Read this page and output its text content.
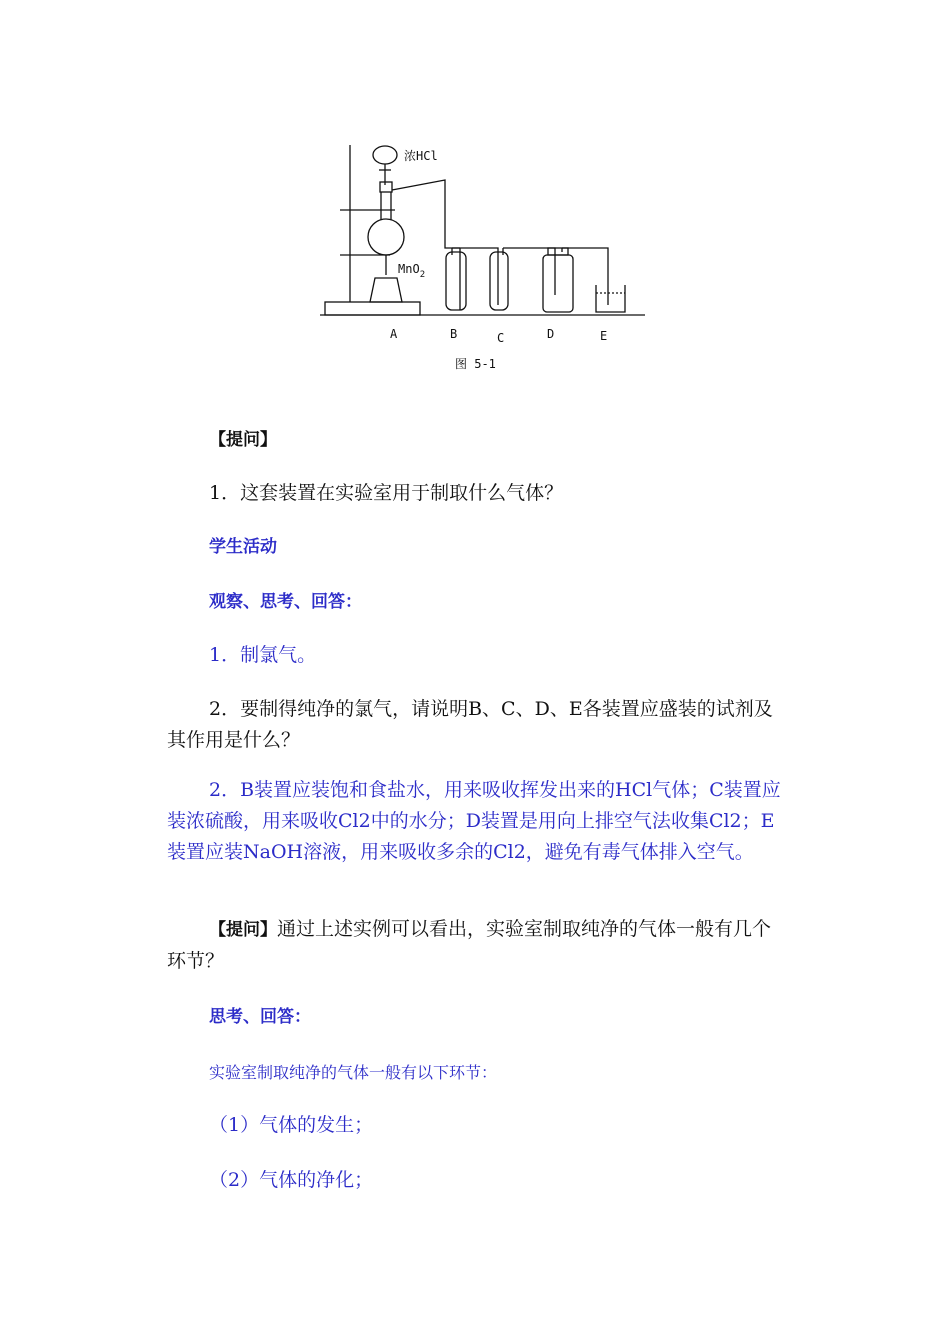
浓HCl
MnO$_2$
A	B	C	D	E
图 5-1

【提问】

1．这套装置在实验室用于制取什么气体？

学生活动

观察、思考、回答：

1．制氯气。

2．要制得纯净的氯气，请说明B、C、D、E各装置应盛装的试剂及其作用是什么？

2．B装置应装饱和食盐水，用来吸收挥发出来的HCl气体；C装置应装浓硫酸，用来吸收Cl2中的水分；D装置是用向上排空气法收集Cl2；E装置应装NaOH溶液，用来吸收多余的Cl2，避免有毒气体排入空气。

【提问】通过上述实例可以看出，实验室制取纯净的气体一般有几个环节？

思考、回答：

实验室制取纯净的气体一般有以下环节：

（1）气体的发生；

（2）气体的净化；
